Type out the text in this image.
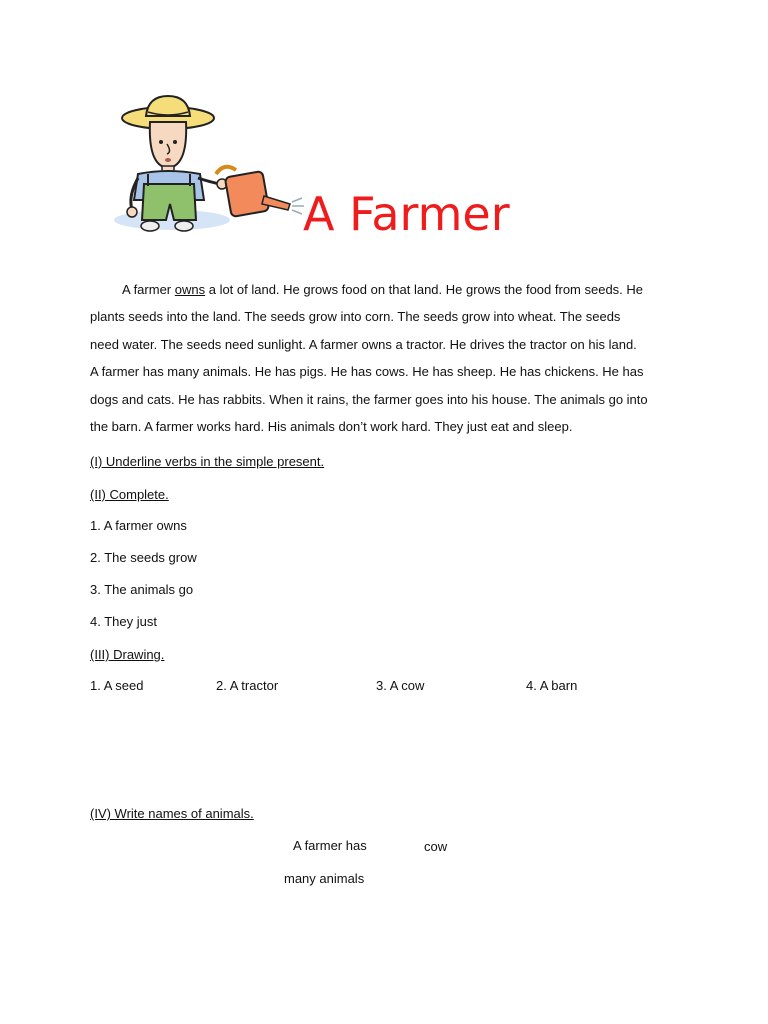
A Farmer
A farmer owns a lot of land. He grows food on that land. He grows the food from seeds. He
plants seeds into the land. The seeds grow into corn. The seeds grow into wheat. The seeds
need water. The seeds need sunlight. A farmer owns a tractor. He drives the tractor on his land.
A farmer has many animals. He has pigs. He has cows. He has sheep. He has chickens. He has
dogs and cats. He has rabbits. When it rains, the farmer goes into his house. The animals go into
the barn. A farmer works hard. His animals don’t work hard. They just eat and sleep.
(I) Underline verbs in the simple present.
(II) Complete.
1. A farmer owns
2. The seeds grow
3. The animals go
4. They just
(III) Drawing.
1. A seed	2. A tractor	3. A cow	4. A barn
(IV) Write names of animals.
A farmer has	cow
many animals
